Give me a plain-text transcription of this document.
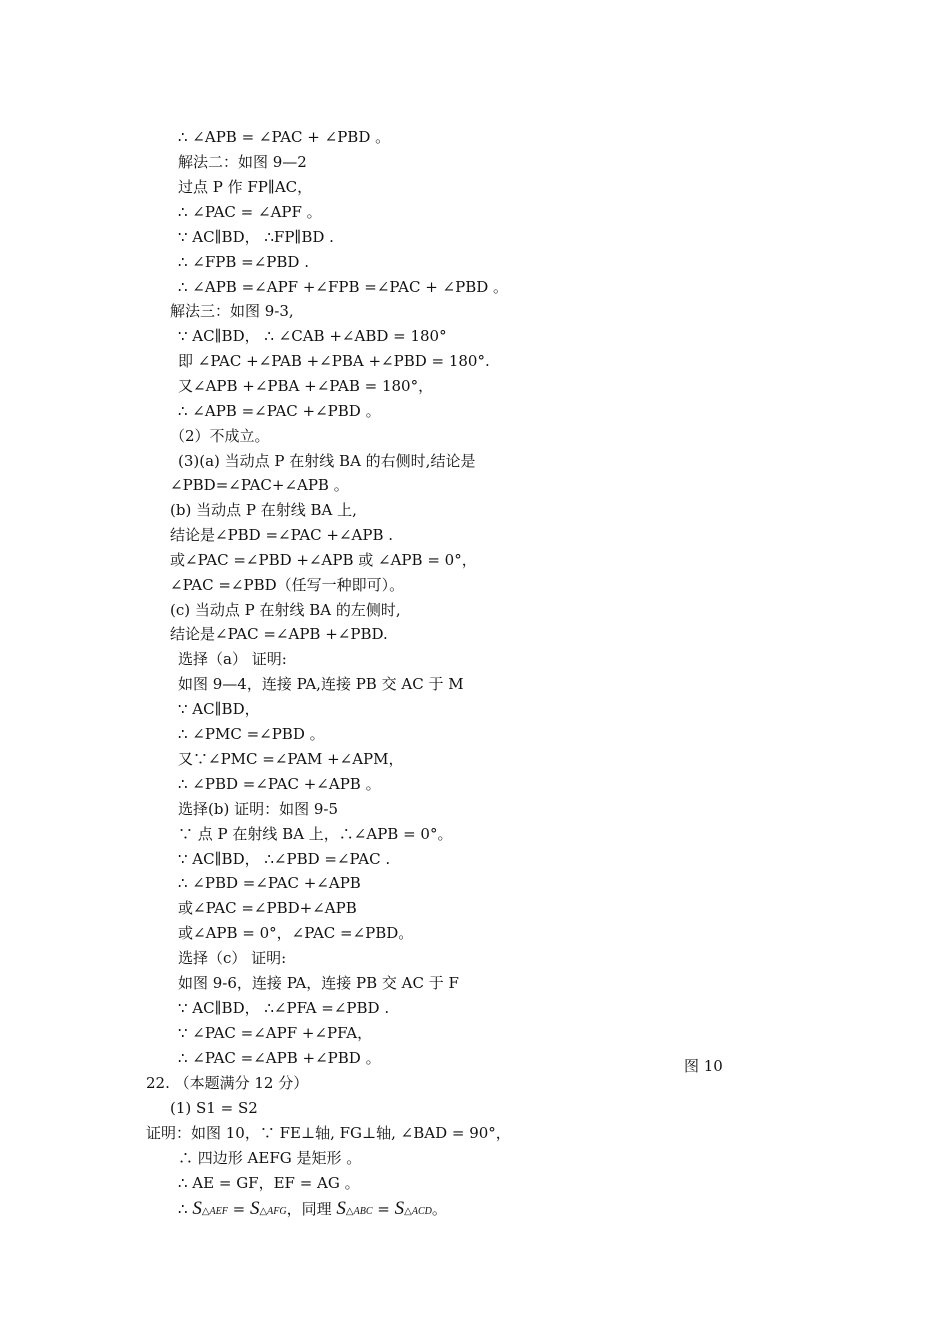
∴ ∠APB = ∠PAC + ∠PBD 。
解法二：如图 9—2
过点 P 作 FP∥AC，
∴ ∠PAC = ∠APF 。
∵ AC∥BD， ∴FP∥BD .
∴ ∠FPB =∠PBD .
∴ ∠APB =∠APF +∠FPB =∠PAC + ∠PBD 。
解法三：如图 9-3,
∵ AC∥BD， ∴ ∠CAB +∠ABD = 180°
即 ∠PAC +∠PAB +∠PBA +∠PBD = 180°.
又∠APB +∠PBA +∠PAB = 180°，
∴ ∠APB =∠PAC +∠PBD 。
（2）不成立。
(3)(a) 当动点 P 在射线 BA 的右侧时,结论是
∠PBD=∠PAC+∠APB 。
(b) 当动点 P 在射线 BA 上,
结论是∠PBD =∠PAC +∠APB .
或∠PAC =∠PBD +∠APB 或 ∠APB = 0°，
∠PAC =∠PBD（任写一种即可）。
(c) 当动点 P 在射线 BA 的左侧时,
结论是∠PAC =∠APB +∠PBD.
选择（a） 证明:
如图 9—4，连接 PA,连接 PB 交 AC 于 M
∵ AC∥BD，
∴ ∠PMC =∠PBD 。
又∵∠PMC =∠PAM +∠APM，
∴ ∠PBD =∠PAC +∠APB 。
选择(b) 证明：如图 9-5
∵ 点 P 在射线 BA 上，∴∠APB = 0°。
∵ AC∥BD， ∴∠PBD =∠PAC .
∴ ∠PBD =∠PAC +∠APB
或∠PAC =∠PBD+∠APB
或∠APB = 0°，∠PAC =∠PBD。
选择（c） 证明:
如图 9-6，连接 PA，连接 PB 交 AC 于 F
∵ AC∥BD， ∴∠PFA =∠PBD .
∵ ∠PAC =∠APF +∠PFA，
∴ ∠PAC =∠APB +∠PBD 。
22. （本题满分 12 分）
(1) S1 = S2
证明：如图 10，∵ FE⊥轴, FG⊥轴, ∠BAD = 90°，
∴ 四边形 AEFG 是矩形 。
∴ AE = GF，EF = AG 。
∴ S△AEF = S△AFG，同理 S△ABC = S△ACD。
图 10
